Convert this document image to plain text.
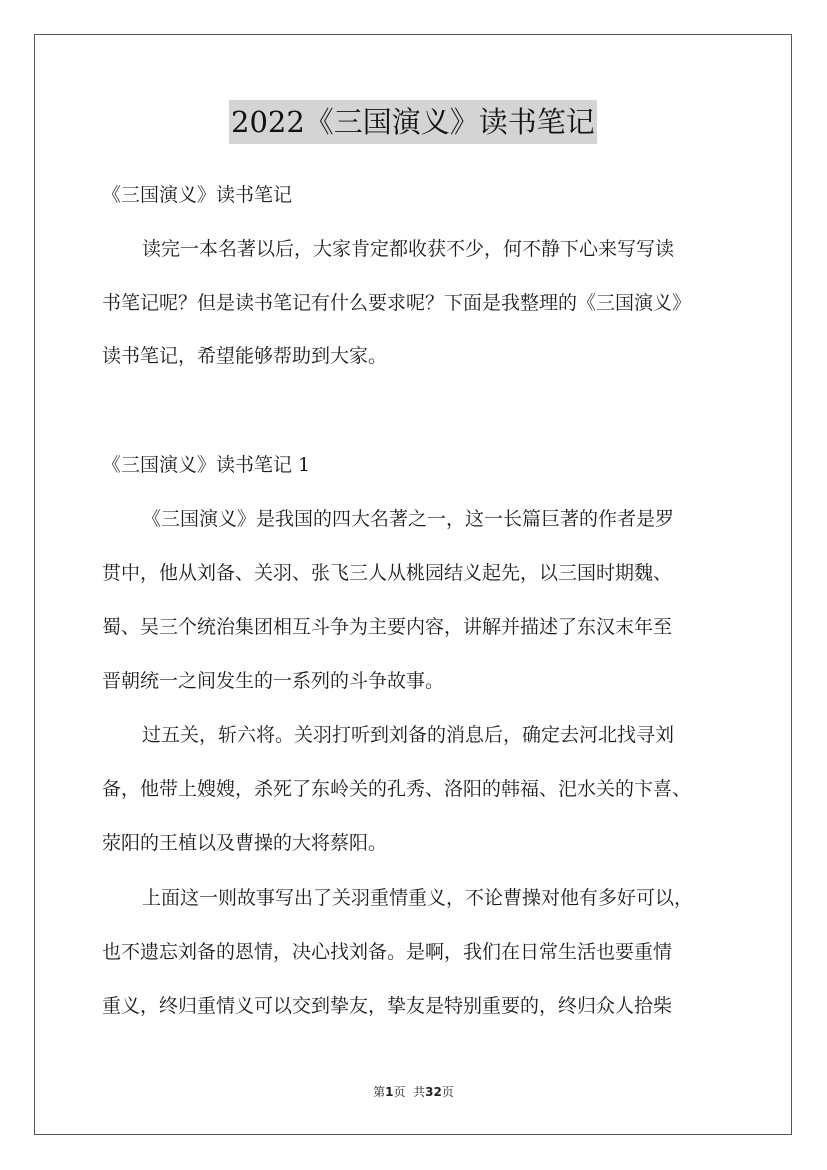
2022《三国演义》读书笔记
《三国演义》读书笔记
读完一本名著以后，大家肯定都收获不少，何不静下心来写写读
书笔记呢？但是读书笔记有什么要求呢？下面是我整理的《三国演义》
读书笔记，希望能够帮助到大家。
《三国演义》读书笔记 1
《三国演义》是我国的四大名著之一，这一长篇巨著的作者是罗
贯中，他从刘备、关羽、张飞三人从桃园结义起先，以三国时期魏、
蜀、吴三个统治集团相互斗争为主要内容，讲解并描述了东汉末年至
晋朝统一之间发生的一系列的斗争故事。
过五关，斩六将。关羽打听到刘备的消息后，确定去河北找寻刘
备，他带上嫂嫂，杀死了东岭关的孔秀、洛阳的韩福、汜水关的卞喜、
荥阳的王植以及曹操的大将蔡阳。
上面这一则故事写出了关羽重情重义，不论曹操对他有多好可以，
也不遗忘刘备的恩情，决心找刘备。是啊，我们在日常生活也要重情
重义，终归重情义可以交到挚友，挚友是特别重要的，终归众人拾柴
第1页 共32页
